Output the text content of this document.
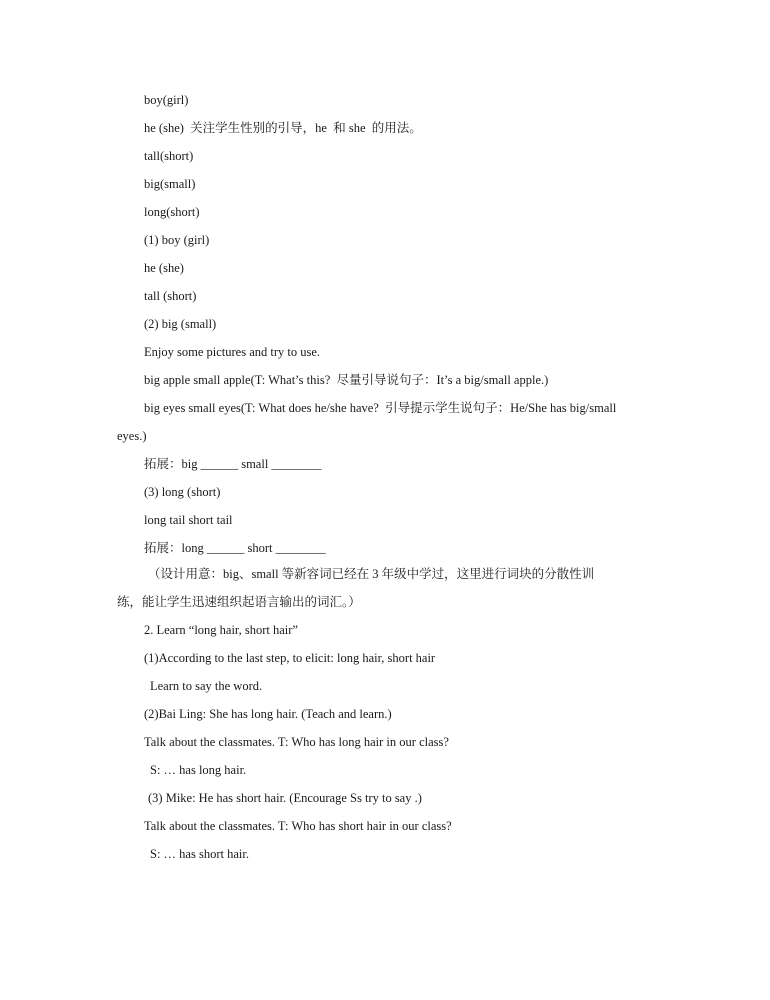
boy(girl)

he (she)  关注学生性别的引导，he  和 she  的用法。

tall(short)

big(small)

long(short)

(1) boy (girl)

he (she)

tall (short)

(2) big (small)

Enjoy some pictures and try to use.

big apple small apple(T: What’s this?  尽量引导说句子：It’s a big/small apple.)

big eyes small eyes(T: What does he/she have?  引导提示学生说句子：He/She has big/small

eyes.)

拓展：big ______ small ________

(3) long (short)

long tail short tail

拓展：long ______ short ________

（设计用意：big、small 等新容词已经在 3 年级中学过，这里进行词块的分散性训

练，能让学生迅速组织起语言输出的词汇。）

2. Learn “long hair, short hair”

(1)According to the last step, to elicit: long hair, short hair

Learn to say the word.

(2)Bai Ling: She has long hair. (Teach and learn.)

Talk about the classmates. T: Who has long hair in our class?

S: … has long hair.

(3) Mike: He has short hair. (Encourage Ss try to say .)

Talk about the classmates. T: Who has short hair in our class?

S: … has short hair.
